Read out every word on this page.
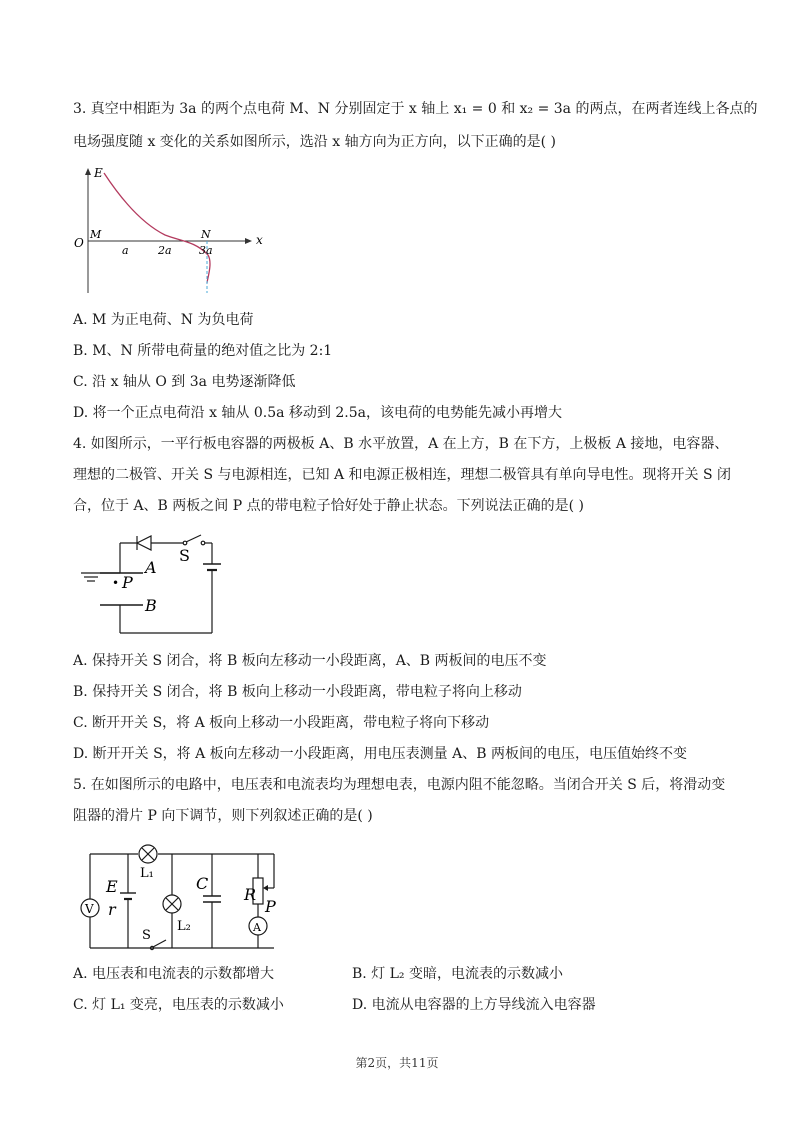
3. 真空中相距为 3a 的两个点电荷 M、N 分别固定于 x 轴上 x₁ = 0 和 x₂ = 3a 的两点，在两者连线上各点的
电场强度随 x 变化的关系如图所示，选沿 x 轴方向为正方向，以下正确的是( )
E
x
O
M	N
a	2a 3a
A. M 为正电荷、N 为负电荷
B. M、N 所带电荷量的绝对值之比为 2:1
C. 沿 x 轴从 O 到 3a 电势逐渐降低
D. 将一个正点电荷沿 x 轴从 0.5a 移动到 2.5a，该电荷的电势能先减小再增大
4. 如图所示，一平行板电容器的两极板 A、B 水平放置，A 在上方，B 在下方，上极板 A 接地，电容器、
理想的二极管、开关 S 与电源相连，已知 A 和电源正极相连，理想二极管具有单向导电性。现将开关 S 闭
合，位于 A、B 两板之间 P 点的带电粒子恰好处于静止状态。下列说法正确的是( )
S
A
• P
B
A. 保持开关 S 闭合，将 B 板向左移动一小段距离，A、B 两板间的电压不变
B. 保持开关 S 闭合，将 B 板向上移动一小段距离，带电粒子将向上移动
C. 断开开关 S，将 A 板向上移动一小段距离，带电粒子将向下移动
D. 断开开关 S，将 A 板向左移动一小段距离，用电压表测量 A、B 两板间的电压，电压值始终不变
5. 在如图所示的电路中，电压表和电流表均为理想电表，电源内阻不能忽略。当闭合开关 S 后，将滑动变
阻器的滑片 P 向下调节，则下列叙述正确的是( )
V
A
E
r
L₁
L₂
C
R
P
S
A. 电压表和电流表的示数都增大	B. 灯 L₂ 变暗，电流表的示数减小
C. 灯 L₁ 变亮，电压表的示数减小	D. 电流从电容器的上方导线流入电容器
第2页，共11页
